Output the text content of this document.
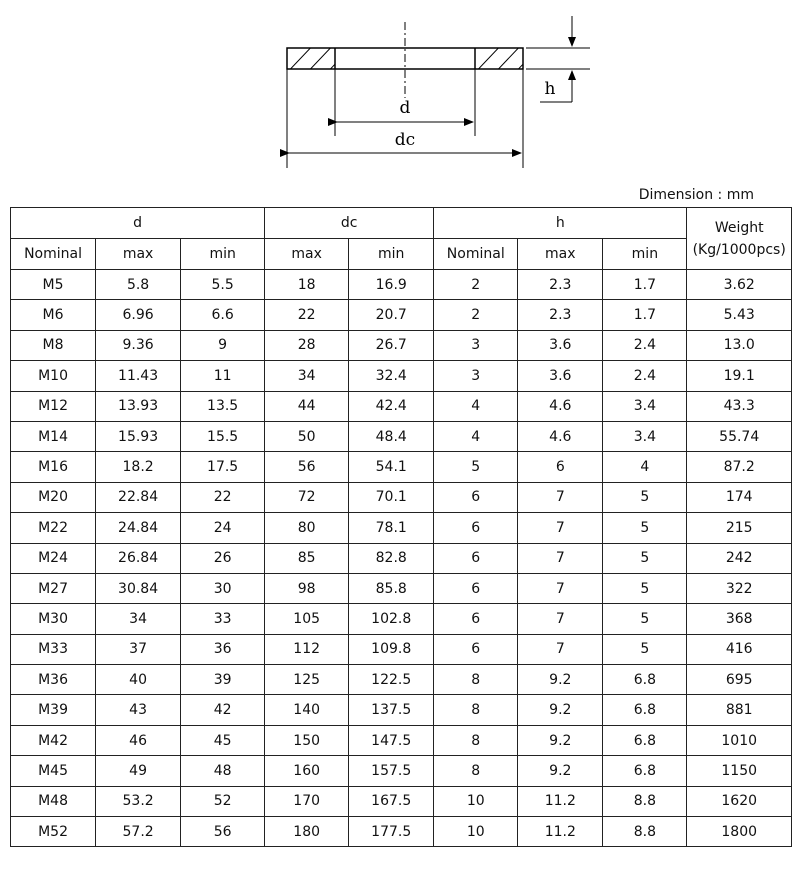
d
dc
h
Dimension : mm
d			dc		h			Weight
(Kg/1000pcs)
Nominal	max	min	max	min	Nominal	max	min	
M5	5.8	5.5	18	16.9	2	2.3	1.7	3.62
M6	6.96	6.6	22	20.7	2	2.3	1.7	5.43
M8	9.36	9	28	26.7	3	3.6	2.4	13.0
M10	11.43	11	34	32.4	3	3.6	2.4	19.1
M12	13.93	13.5	44	42.4	4	4.6	3.4	43.3
M14	15.93	15.5	50	48.4	4	4.6	3.4	55.74
M16	18.2	17.5	56	54.1	5	6	4	87.2
M20	22.84	22	72	70.1	6	7	5	174
M22	24.84	24	80	78.1	6	7	5	215
M24	26.84	26	85	82.8	6	7	5	242
M27	30.84	30	98	85.8	6	7	5	322
M30	34	33	105	102.8	6	7	5	368
M33	37	36	112	109.8	6	7	5	416
M36	40	39	125	122.5	8	9.2	6.8	695
M39	43	42	140	137.5	8	9.2	6.8	881
M42	46	45	150	147.5	8	9.2	6.8	1010
M45	49	48	160	157.5	8	9.2	6.8	1150
M48	53.2	52	170	167.5	10	11.2	8.8	1620
M52	57.2	56	180	177.5	10	11.2	8.8	1800
